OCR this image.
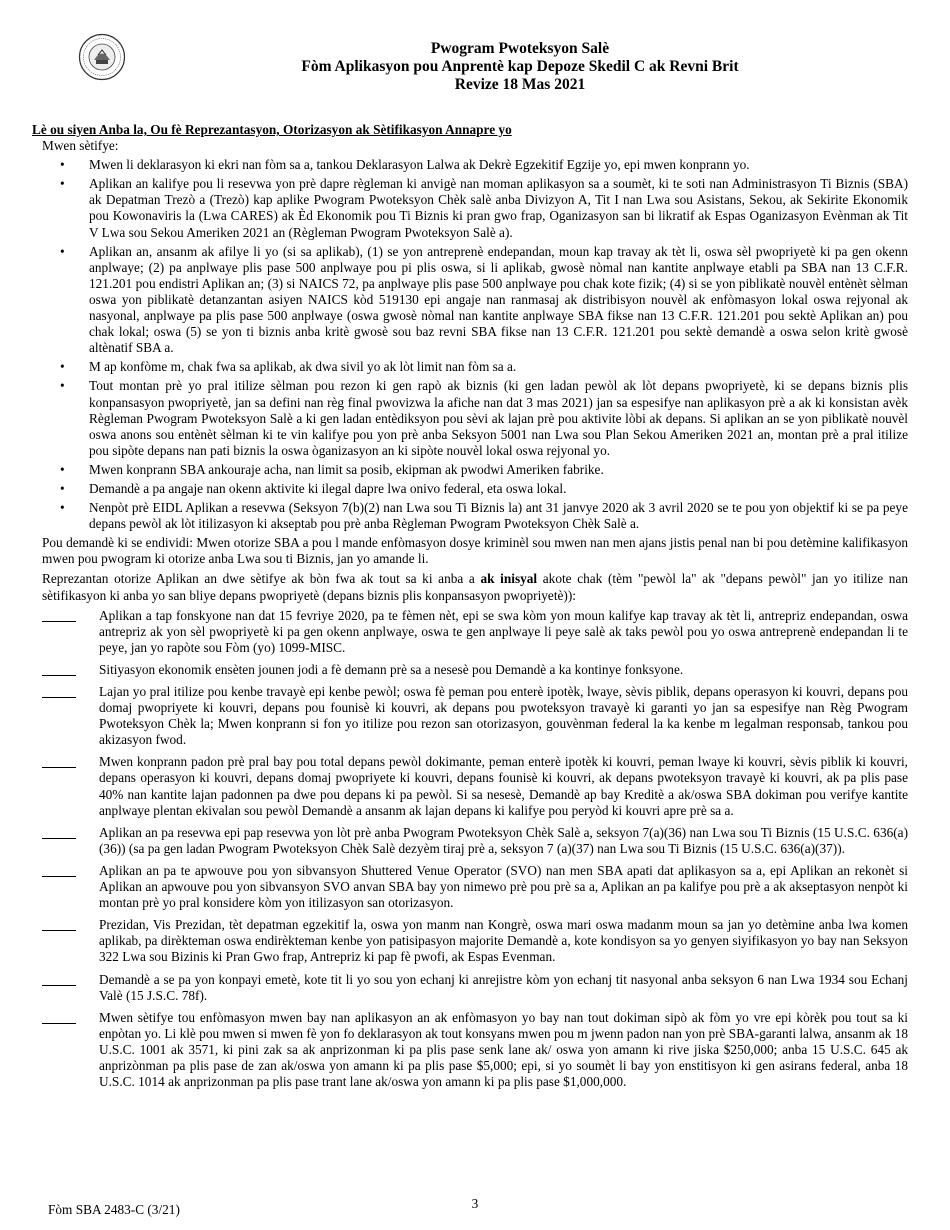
Pwogram Pwoteksyon Salè
Fòm Aplikasyon pou Anprentè kap Depoze Skedil C ak Revni Brit
Revize 18 Mas 2021

Lè ou siyen Anba la, Ou fè Reprezantasyon, Otorizasyon ak Sètifikasyon Annapre yo

Mwen sètifye:

• Mwen li deklarasyon ki ekri nan fòm sa a, tankou Deklarasyon Lalwa ak Dekrè Egzekitif Egzije yo, epi mwen konprann yo.
• Aplikan an kalifye pou li resevwa yon prè dapre règleman ki anvigè nan moman aplikasyon sa a soumèt, ki te soti nan Administrasyon Ti Biznis (SBA) ak Depatman Trezò a (Trezò) kap aplike Pwogram Pwoteksyon Chèk salè anba Divizyon A, Tit I nan Lwa sou Asistans, Sekou, ak Sekirite Ekonomik pou Kowonaviris la (Lwa CARES) ak Èd Ekonomik pou Ti Biznis ki pran gwo frap, Oganizasyon san bi likratif ak Espas Oganizasyon Evènman ak Tit V Lwa sou Sekou Ameriken 2021 an (Règleman Pwogram Pwoteksyon Salè a).
• Aplikan an, ansanm ak afilye li yo (si sa aplikab), (1) se yon antreprenè endepandan, moun kap travay ak tèt li, oswa sèl pwopriyetè ki pa gen okenn anplwaye; (2) pa anplwaye plis pase 500 anplwaye pou pi plis oswa, si li aplikab, gwosè nòmal nan kantite anplwaye etabli pa SBA nan 13 C.F.R. 121.201 pou endistri Aplikan an; (3) si NAICS 72, pa anplwaye plis pase 500 anplwaye pou chak kote fizik; (4) si se yon piblikatè nouvèl entènèt sèlman oswa yon piblikatè detanzantan asiyen NAICS kòd 519130 epi angaje nan ranmasaj ak distribisyon nouvèl ak enfòmasyon lokal oswa rejyonal ak nasyonal, anplwaye pa plis pase 500 anplwaye (oswa gwosè nòmal nan kantite anplwaye SBA fikse nan 13 C.F.R. 121.201 pou sektè Aplikan an) pou chak lokal; oswa (5) se yon ti biznis anba kritè gwosè sou baz revni SBA fikse nan 13 C.F.R. 121.201 pou sektè demandè a oswa selon kritè gwosè altènatif SBA a.
• M ap konfòme m, chak fwa sa aplikab, ak dwa sivil yo ak lòt limit nan fòm sa a.
• Tout montan prè yo pral itilize sèlman pou rezon ki gen rapò ak biznis (ki gen ladan pewòl ak lòt depans pwopriyetè, ki se depans biznis plis konpansasyon pwopriyetè, jan sa defini nan règ final pwovizwa la afiche nan dat 3 mas 2021) jan sa espesifye nan aplikasyon prè a ak ki konsistan avèk Règleman Pwogram Pwoteksyon Salè a ki gen ladan entèdiksyon pou sèvi ak lajan prè pou aktivite lòbi ak depans. Si aplikan an se yon piblikatè nouvèl oswa anons sou entènèt sèlman ki te vin kalifye pou yon prè anba Seksyon 5001 nan Lwa sou Plan Sekou Ameriken 2021 an, montan prè a pral itilize pou sipòte depans nan pati biznis la oswa òganizasyon an ki sipòte nouvèl lokal oswa rejyonal yo.
• Mwen konprann SBA ankouraje acha, nan limit sa posib, ekipman ak pwodwi Ameriken fabrike.
• Demandè a pa angaje nan okenn aktivite ki ilegal dapre lwa onivo federal, eta oswa lokal.
• Nenpòt prè EIDL Aplikan a resevwa (Seksyon 7(b)(2) nan Lwa sou Ti Biznis la) ant 31 janvye 2020 ak 3 avril 2020 se te pou yon objektif ki se pa peye depans pewòl ak lòt itilizasyon ki akseptab pou prè anba Règleman Pwogram Pwoteksyon Chèk Salè a.

Pou demandè ki se endividi: Mwen otorize SBA a pou l mande enfòmasyon dosye kriminèl sou mwen nan men ajans jistis penal nan bi pou detèmine kalifikasyon mwen pou pwogram ki otorize anba Lwa sou ti Biznis, jan yo amande li.

Reprezantan otorize Aplikan an dwe sètifye ak bòn fwa ak tout sa ki anba a ak inisyal akote chak (tèm "pewòl la" ak "depans pewòl" jan yo itilize nan sètifikasyon ki anba yo san bliye depans pwopriyetè (depans biznis plis konpansasyon pwopriyetè)):

Aplikan a tap fonskyone nan dat 15 fevriye 2020, pa te fèmen nèt, epi se swa kòm yon moun kalifye kap travay ak tèt li, antrepriz endepandan, oswa antrepriz ak yon sèl pwopriyetè ki pa gen okenn anplwaye, oswa te gen anplwaye li peye salè ak taks pewòl pou yo oswa antreprenè endepandan li te peye, jan yo rapòte sou Fòm (yo) 1099-MISC.
Sitiyasyon ekonomik ensèten jounen jodi a fè demann prè sa a nesesè pou Demandè a ka kontinye fonksyone.
Lajan yo pral itilize pou kenbe travayè epi kenbe pewòl; oswa fè peman pou enterè ipotèk, lwaye, sèvis piblik, depans operasyon ki kouvri, depans pou domaj pwopriyete ki kouvri, depans pou founisè ki kouvri, ak depans pou pwoteksyon travayè ki garanti yo jan sa espesifye nan Règ Pwogram Pwoteksyon Chèk la; Mwen konprann si fon yo itilize pou rezon san otorizasyon, gouvènman federal la ka kenbe m legalman responsab, tankou pou akizasyon fwod.
Mwen konprann padon prè pral bay pou total depans pewòl dokimante, peman enterè ipotèk ki kouvri, peman lwaye ki kouvri, sèvis piblik ki kouvri, depans operasyon ki kouvri, depans domaj pwopriyete ki kouvri, depans founisè ki kouvri, ak depans pwoteksyon travayè ki kouvri, ak pa plis pase 40% nan kantite lajan padonnen pa dwe pou depans ki pa pewòl. Si sa nesesè, Demandè ap bay Kreditè a ak/oswa SBA dokiman pou verifye kantite anplwaye plentan ekivalan sou pewòl Demandè a ansanm ak lajan depans ki kalifye pou peryòd ki kouvri apre prè sa a.
Aplikan an pa resevwa epi pap resevwa yon lòt prè anba Pwogram Pwoteksyon Chèk Salè a, seksyon 7(a)(36) nan Lwa sou Ti Biznis (15 U.S.C. 636(a)(36)) (sa pa gen ladan Pwogram Pwoteksyon Chèk Salè dezyèm tiraj prè a, seksyon 7 (a)(37) nan Lwa sou Ti Biznis (15 U.S.C. 636(a)(37)).
Aplikan an pa te apwouve pou yon sibvansyon Shuttered Venue Operator (SVO) nan men SBA apati dat aplikasyon sa a, epi Aplikan an rekonèt si Aplikan an apwouve pou yon sibvansyon SVO anvan SBA bay yon nimewo prè pou prè sa a, Aplikan an pa kalifye pou prè a ak akseptasyon nenpòt ki montan prè yo pral konsidere kòm yon itilizasyon san otorizasyon.
Prezidan, Vis Prezidan, tèt depatman egzekitif la, oswa yon manm nan Kongrè, oswa mari oswa madanm moun sa jan yo detèmine anba lwa komen aplikab, pa dirèkteman oswa endirèkteman kenbe yon patisipasyon majorite Demandè a, kote kondisyon sa yo genyen siyifikasyon yo bay nan Seksyon 322 Lwa sou Bizinis ki Pran Gwo frap, Antrepriz ki pap fè pwofi, ak Espas Evenman.
Demandè a se pa yon konpayi emetè, kote tit li yo sou yon echanj ki anrejistre kòm yon echanj tit nasyonal anba seksyon 6 nan Lwa 1934 sou Echanj Valè (15 J.S.C. 78f).
Mwen sètifye tou enfòmasyon mwen bay nan aplikasyon an ak enfòmasyon yo bay nan tout dokiman sipò ak fòm yo vre epi kòrèk pou tout sa ki enpòtan yo. Li klè pou mwen si mwen fè yon fo deklarasyon ak tout konsyans mwen pou m jwenn padon nan yon prè SBA-garanti lalwa, ansanm ak 18 U.S.C. 1001 ak 3571, ki pini zak sa ak anprizonman ki pa plis pase senk lane ak/ oswa yon amann ki rive jiska $250,000; anba 15 U.S.C. 645 ak anprizònman pa plis pase de zan ak/oswa yon amann ki pa plis pase $5,000; epi, si yo soumèt li bay yon enstitisyon ki gen asirans federal, anba 18 U.S.C. 1014 ak anprizonman pa plis pase trant lane ak/oswa yon amann ki pa plis pase $1,000,000.
Fòm SBA 2483-C (3/21)	3
